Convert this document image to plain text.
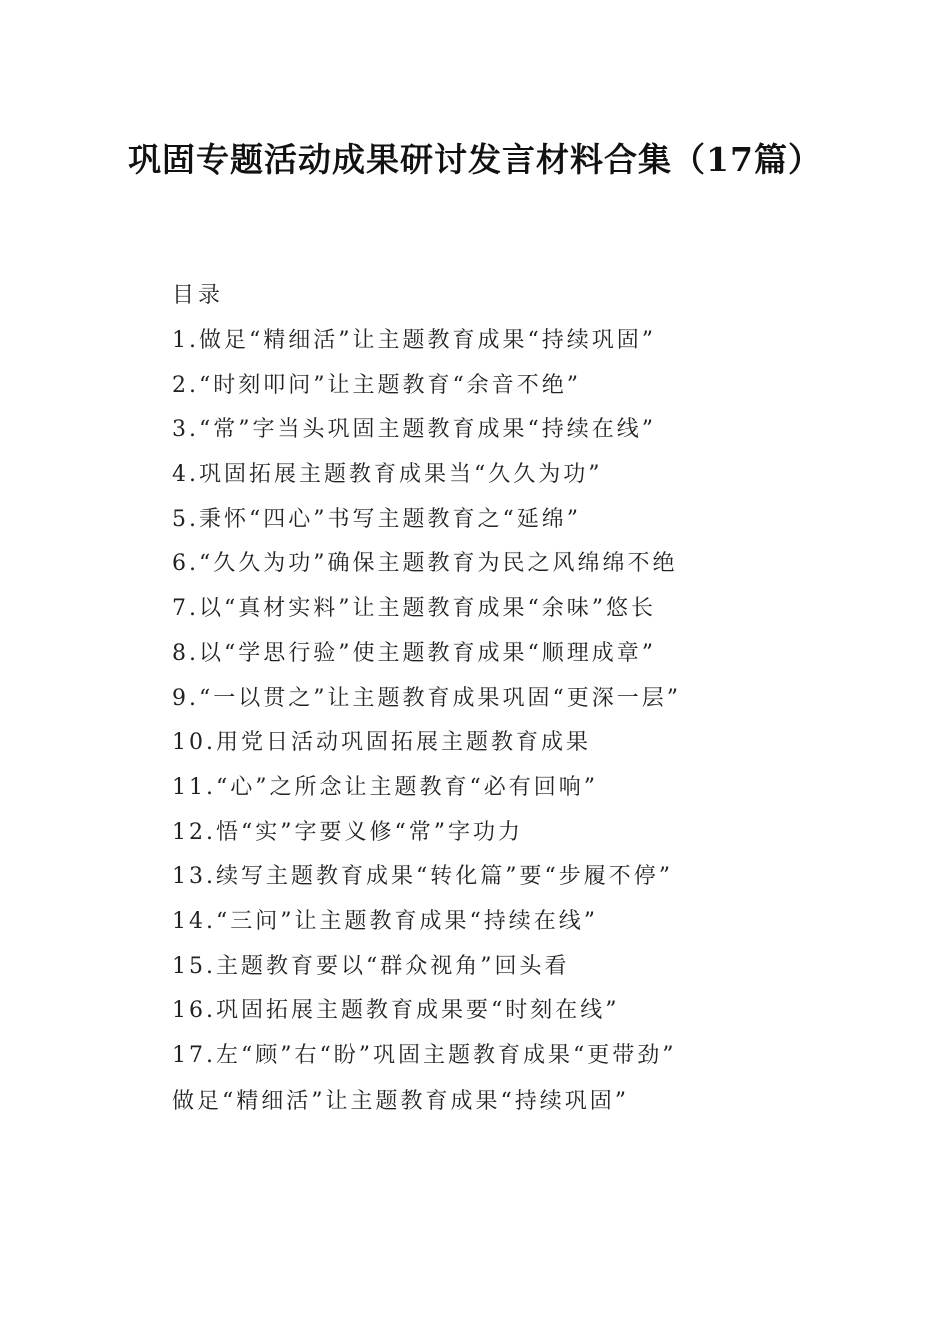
巩固专题活动成果研讨发言材料合集（17篇）
目录
1.做足“精细活”让主题教育成果“持续巩固”
2.“时刻叩问”让主题教育“余音不绝”
3.“常”字当头巩固主题教育成果“持续在线”
4.巩固拓展主题教育成果当“久久为功”
5.秉怀“四心”书写主题教育之“延绵”
6.“久久为功”确保主题教育为民之风绵绵不绝
7.以“真材实料”让主题教育成果“余味”悠长
8.以“学思行验”使主题教育成果“顺理成章”
9.“一以贯之”让主题教育成果巩固“更深一层”
10.用党日活动巩固拓展主题教育成果
11.“心”之所念让主题教育“必有回响”
12.悟“实”字要义修“常”字功力
13.续写主题教育成果“转化篇”要“步履不停”
14.“三问”让主题教育成果“持续在线”
15.主题教育要以“群众视角”回头看
16.巩固拓展主题教育成果要“时刻在线”
17.左“顾”右“盼”巩固主题教育成果“更带劲”
做足“精细活”让主题教育成果“持续巩固”
